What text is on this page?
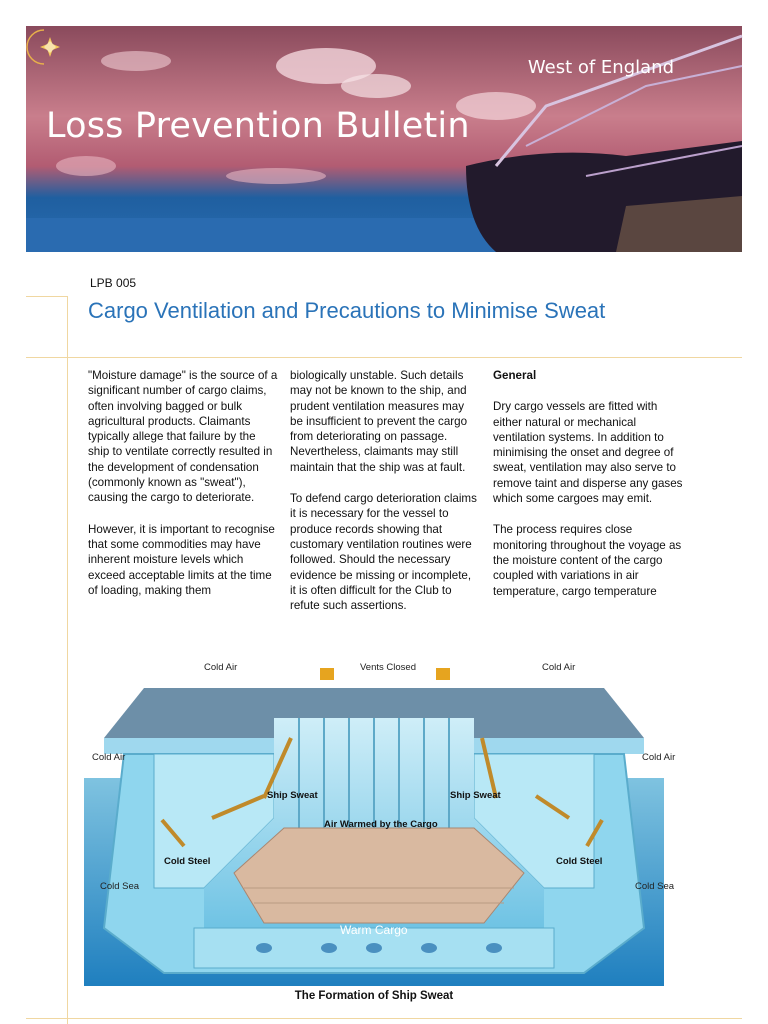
Loss Prevention Bulletin
West of England
LPB 005
Cargo Ventilation and Precautions to Minimise Sweat

"Moisture damage" is the source of a significant number of cargo claims, often involving bagged or bulk agricultural products. Claimants typically allege that failure by the ship to ventilate correctly resulted in the development of condensation (commonly known as "sweat"), causing the cargo to deteriorate.

However, it is important to recognise that some commodities may have inherent moisture levels which exceed acceptable limits at the time of loading, making them

biologically unstable. Such details may not be known to the ship, and prudent ventilation measures may be insufficient to prevent the cargo from deteriorating on passage. Nevertheless, claimants may still maintain that the ship was at fault.

To defend cargo deterioration claims it is necessary for the vessel to produce records showing that customary ventilation routines were followed. Should the necessary evidence be missing or incomplete, it is often difficult for the Club to refute such assertions.

General

Dry cargo vessels are fitted with either natural or mechanical ventilation systems. In addition to minimising the onset and degree of sweat, ventilation may also serve to remove taint and disperse any gases which some cargoes may emit.

The process requires close monitoring throughout the voyage as the moisture content of the cargo coupled with variations in air temperature, cargo temperature

Cold Air	Vents Closed	Cold Air
Cold Air	Cold Air
Ship Sweat	Ship Sweat
Air Warmed by the Cargo
Cold Steel	Cold Steel
Cold Sea	Cold Sea
Warm Cargo
The Formation of Ship Sweat
